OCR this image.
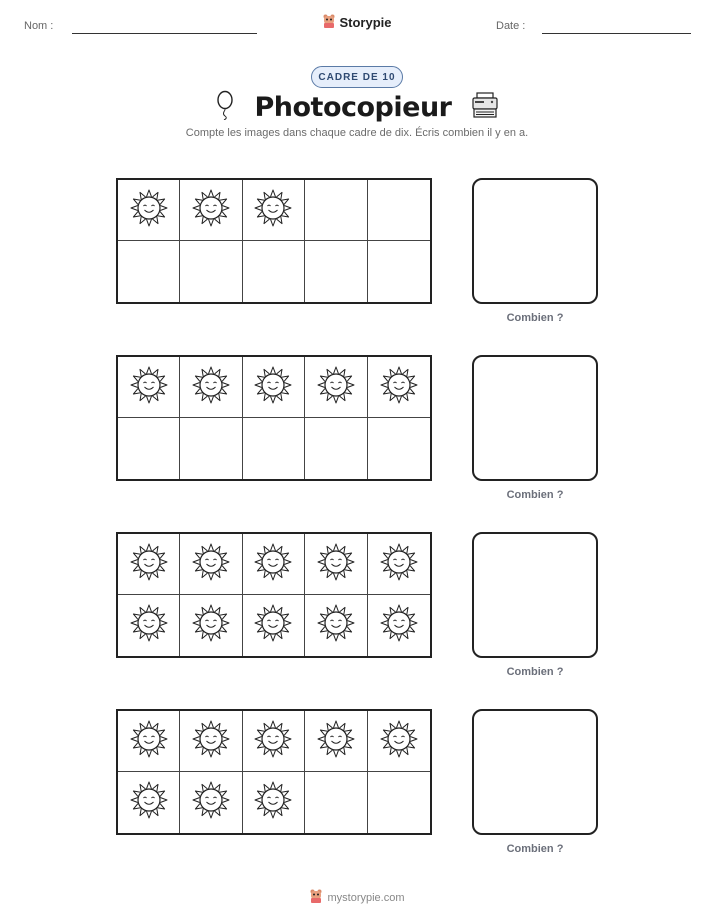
Nom :	Storypie	Date :
CADRE DE 10
Photocopieur
Compte les images dans chaque cadre de dix. Écris combien il y en a.
Combien ?
Combien ?
Combien ?
Combien ?
mystorypie.com
